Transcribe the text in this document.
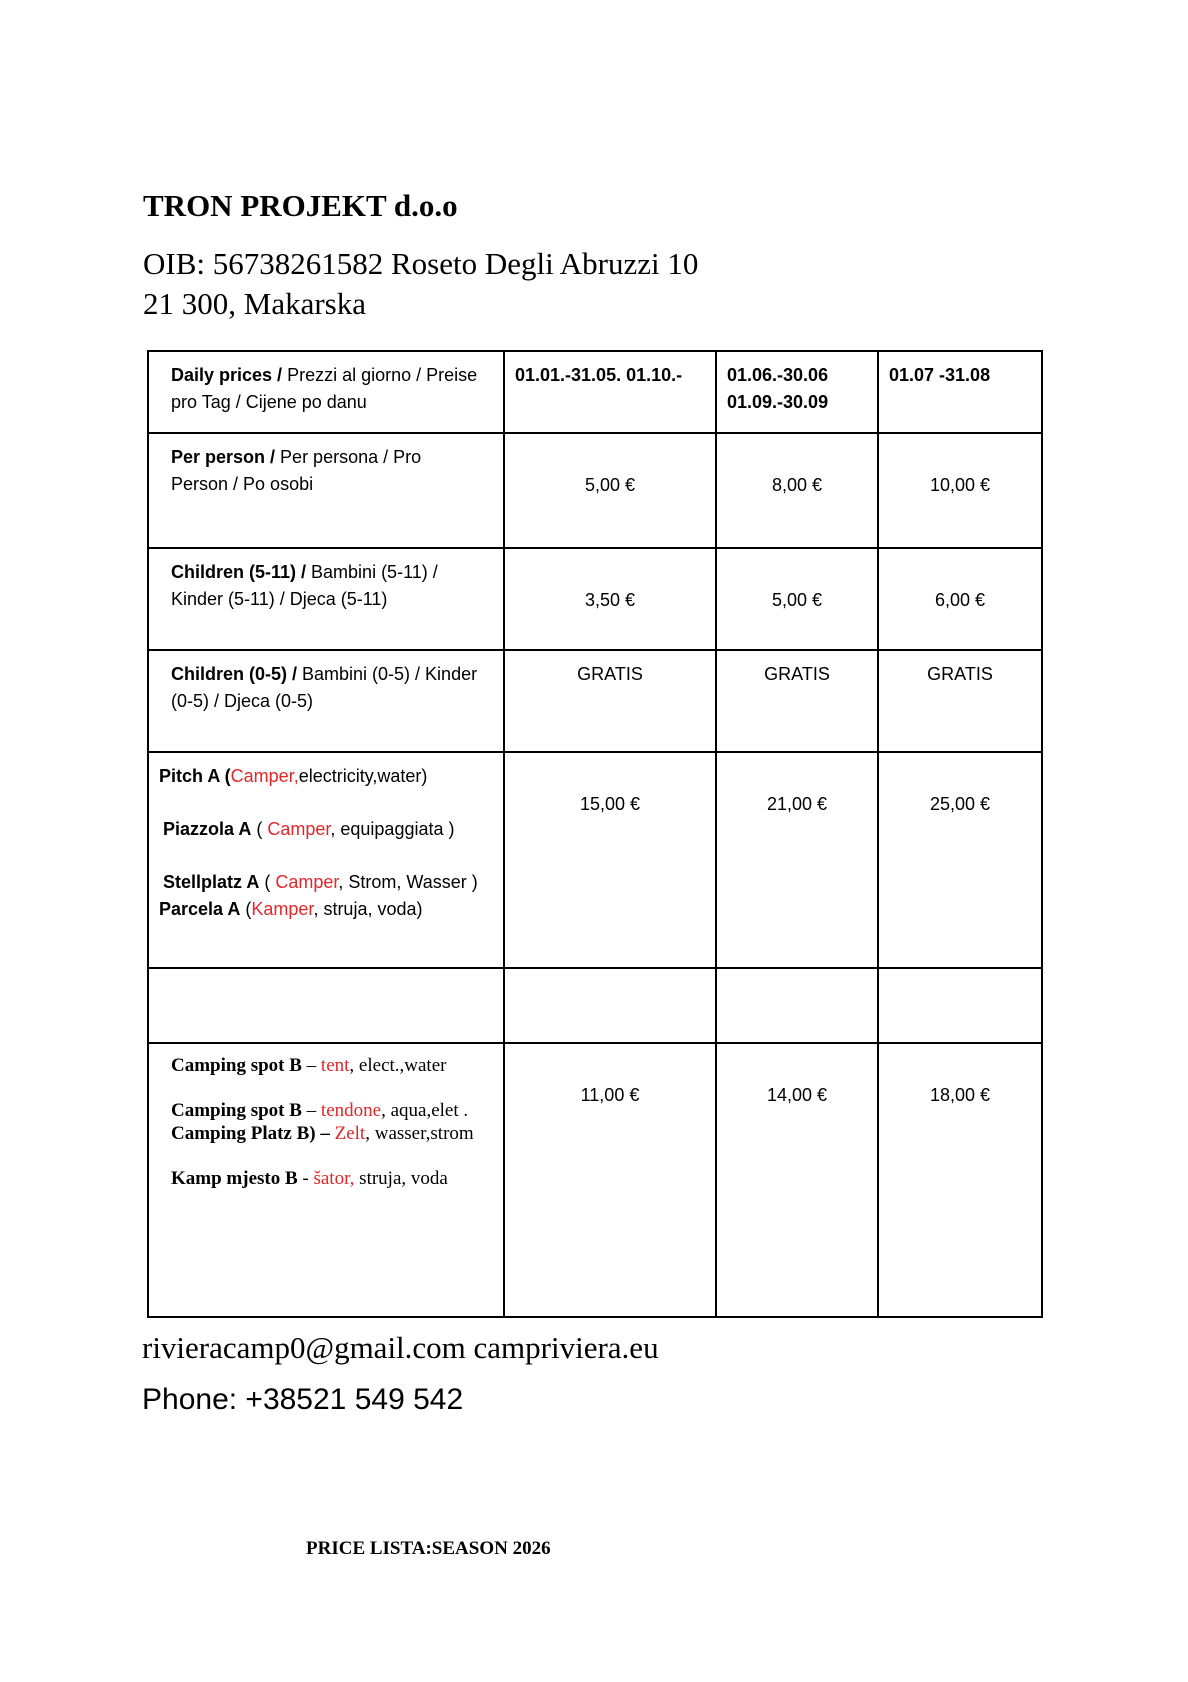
TRON PROJEKT d.o.o
OIB: 56738261582 Roseto Degli Abruzzi 10
21 300, Makarska
Daily prices / Prezzi al giorno / Preise pro Tag / Cijene po danu	01.01.-31.05. 01.10.-	01.06.-30.06 01.09.-30.09	01.07 -31.08
Per person / Per persona / Pro Person / Po osobi	5,00 €	8,00 €	10,00 €
Children (5-11) / Bambini (5-11) / Kinder (5-11) / Djeca (5-11)	3,50 €	5,00 €	6,00 €
Children (0-5) / Bambini (0-5) / Kinder (0-5) / Djeca (0-5)	GRATIS	GRATIS	GRATIS

Pitch A (Camper,electricity,water)

Piazzola A ( Camper, equipaggiata )

Stellplatz A ( Camper, Strom, Wasser )

Parcela A (Kamper, struja, voda)	15,00 €	21,00 €	25,00 €

Camping spot B – tent, elect.,water

Camping spot B – tendone, aqua,elet .

Camping Platz B) – Zelt, wasser,strom

Kamp mjesto B - šator, struja, voda	11,00 €	14,00 €	18,00 €
rivieracamp0@gmail.com campriviera.eu
Phone: +38521 549 542
PRICE LISTA:SEASON 2026
